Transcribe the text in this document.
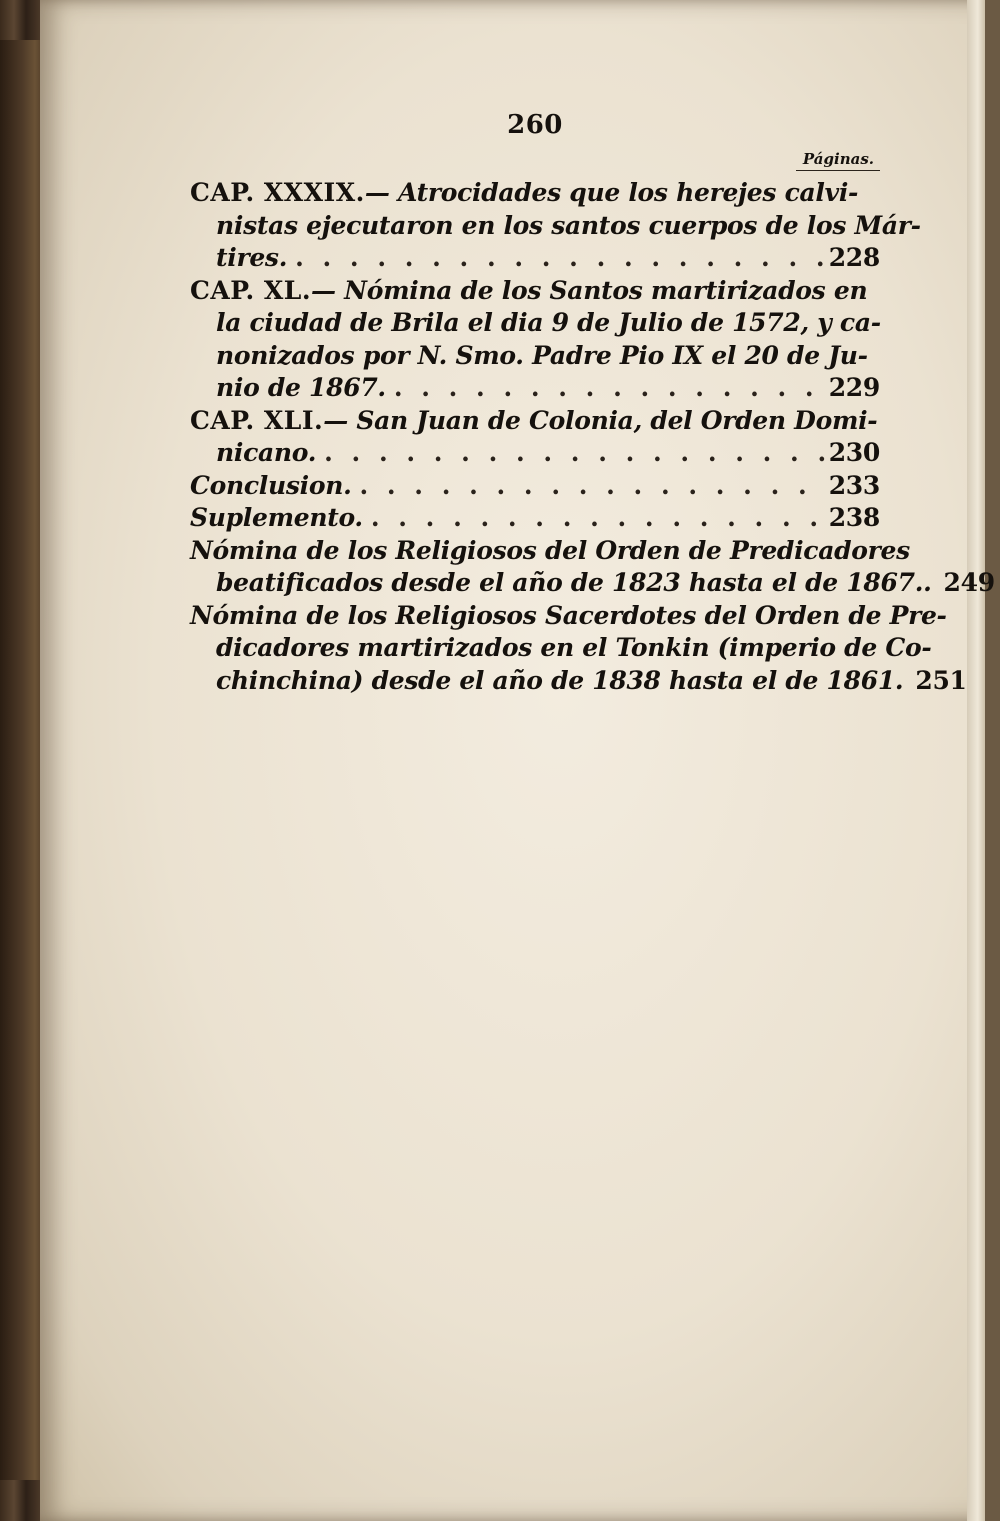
260
Páginas.
CAP. XXXIX. — Atrocidades que los herejes calvi-
nistas ejecutaron en los santos cuerpos de los Már-
tires. . . .	228
CAP. XL. — Nómina de los Santos martirizados en
la ciudad de Brila el dia 9 de Julio de 1572, y ca-
nonizados por N. Smo. Padre Pio IX el 20 de Ju-
nio de 1867. . . .	229
CAP. XLI. — San Juan de Colonia, del Orden Domi-
nicano. . . .	230
Conclusion. . . .	233
Suplemento. . . .	238
Nómina de los Religiosos del Orden de Predicadores
beatificados desde el año de 1823 hasta el de 1867.. . . . 249
Nómina de los Religiosos Sacerdotes del Orden de Pre-
dicadores martirizados en el Tonkin (imperio de Co-
chinchina) desde el año de 1838 hasta el de 1861. . . . 251
